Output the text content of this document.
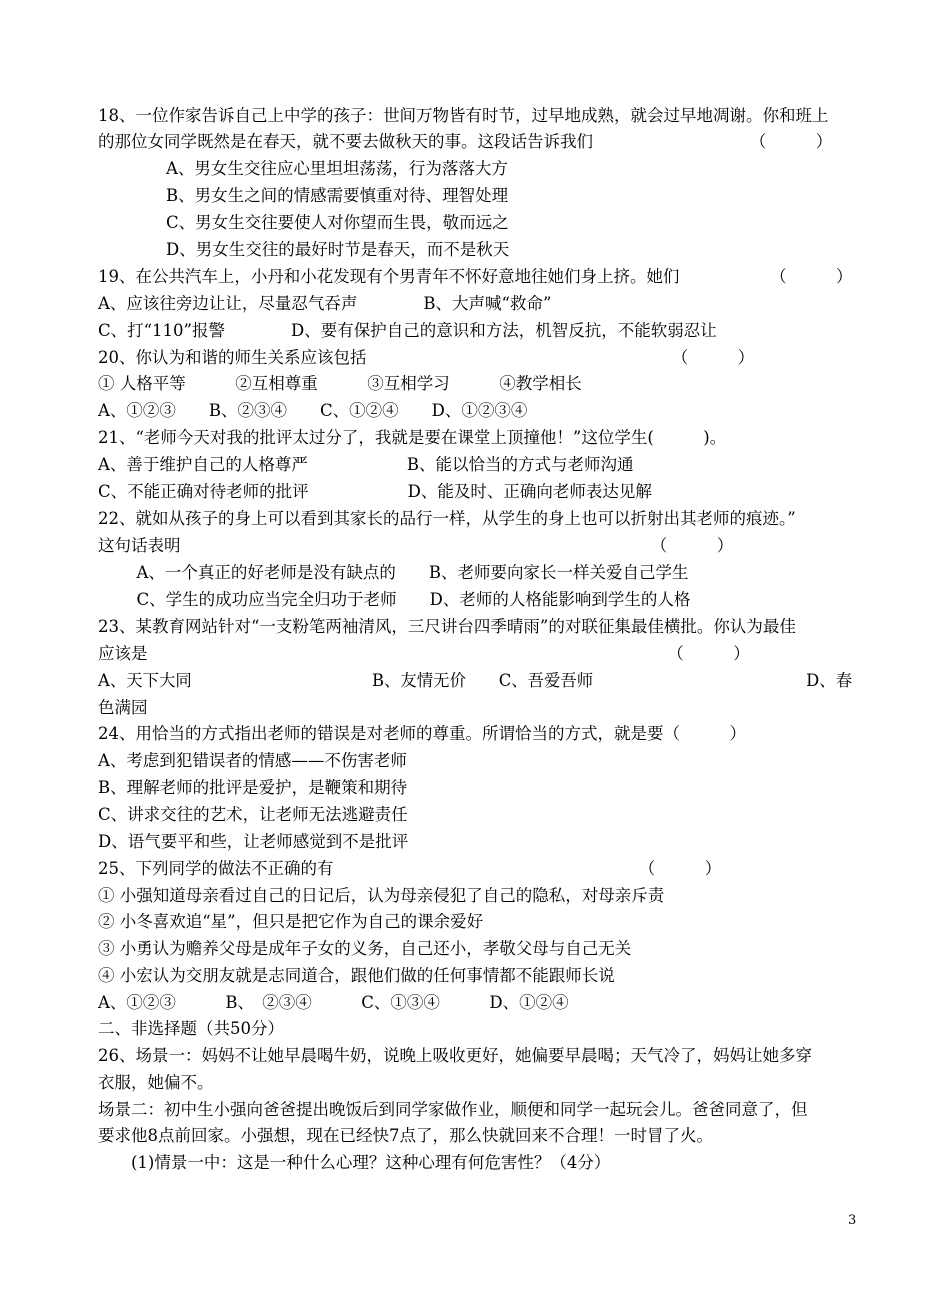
18、一位作家告诉自己上中学的孩子：世间万物皆有时节，过早地成熟，就会过早地凋谢。你和班上
的那位女同学既然是在春天，就不要去做秋天的事。这段话告诉我们　　　　　　　　　　（　　　）
　　A、男女生交往应心里坦坦荡荡，行为落落大方
　　B、男女生之间的情感需要慎重对待、理智处理
　　C、男女生交往要使人对你望而生畏，敬而远之
　　D、男女生交往的最好时节是春天，而不是秋天
19、在公共汽车上，小丹和小花发现有个男青年不怀好意地往她们身上挤。她们　　　　　　（　　　）
A、应该往旁边让让，尽量忍气吞声　　　　B、大声喊“救命”
C、打“110”报警　　　　D、要有保护自己的意识和方法，机智反抗，不能软弱忍让
20、你认为和谐的师生关系应该包括　　　　　　　　　　　　　　　　　　　（　　　）
① 人格平等　　　②互相尊重　　　③互相学习　　　④教学相长
A、①②③　　B、②③④　　C、①②④　　D、①②③④
21、“老师今天对我的批评太过分了，我就是要在课堂上顶撞他！”这位学生(　　　)。
A、善于维护自己的人格尊严　　　　　　B、能以恰当的方式与老师沟通
C、不能正确对待老师的批评　　　　　　D、能及时、正确向老师表达见解
22、就如从孩子的身上可以看到其家长的品行一样，从学生的身上也可以折射出其老师的痕迹。”
这句话表明　　　　　　　　　　　　　　　　　　　　　　　　　　　　　（　　　）
　A、一个真正的好老师是没有缺点的　　B、老师要向家长一样关爱自己学生
　C、学生的成功应当完全归功于老师　　D、老师的人格能影响到学生的人格
23、某教育网站针对“一支粉笔两袖清风，三尺讲台四季晴雨”的对联征集最佳横批。你认为最佳
应该是　　　　　　　　　　　　　　　　　　　　　　　　　　　　　　　　（　　　）
A、天下大同　　　　　　　　　　　B、友情无价　　C、吾爱吾师　　　　　　　　　　　　　D、春
色满园
24、用恰当的方式指出老师的错误是对老师的尊重。所谓恰当的方式，就是要（　　　）
A、考虑到犯错误者的情感——不伤害老师
B、理解老师的批评是爱护，是鞭策和期待
C、讲求交往的艺术，让老师无法逃避责任
D、语气要平和些，让老师感觉到不是批评
25、下列同学的做法不正确的有　　　　　　　　　　　　　　　　　　　（　　　）
① 小强知道母亲看过自己的日记后，认为母亲侵犯了自己的隐私，对母亲斥责
② 小冬喜欢追“星”，但只是把它作为自己的课余爱好
③ 小勇认为赡养父母是成年子女的义务，自己还小，孝敬父母与自己无关
④ 小宏认为交朋友就是志同道合，跟他们做的任何事情都不能跟师长说
A、①②③　　　B、　②③④　　　C、①③④　　　D、①②④
二、非选择题（共50分）
26、场景一：妈妈不让她早晨喝牛奶，说晚上吸收更好，她偏要早晨喝；天气冷了，妈妈让她多穿
衣服，她偏不。
场景二：初中生小强向爸爸提出晚饭后到同学家做作业，顺便和同学一起玩会儿。爸爸同意了，但
要求他8点前回家。小强想，现在已经快7点了，那么快就回来不合理！一时冒了火。
　　(1)情景一中：这是一种什么心理？这种心理有何危害性？（4分）
3
